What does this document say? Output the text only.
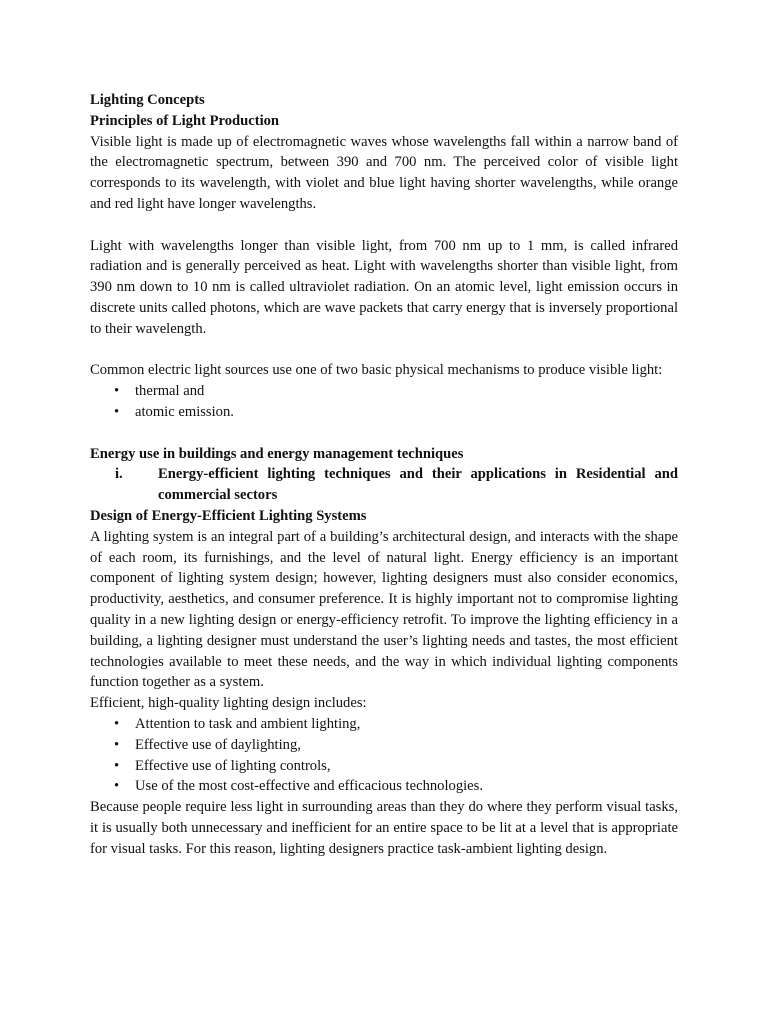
Lighting Concepts

Principles of Light Production

Visible light is made up of electromagnetic waves whose wavelengths fall within a narrow band of the electromagnetic spectrum, between 390 and 700 nm. The perceived color of visible light corresponds to its wavelength, with violet and blue light having shorter wavelengths, while orange and red light have longer wavelengths.

Light with wavelengths longer than visible light, from 700 nm up to 1 mm, is called infrared radiation and is generally perceived as heat. Light with wavelengths shorter than visible light, from 390 nm down to 10 nm is called ultraviolet radiation. On an atomic level, light emission occurs in discrete units called photons, which are wave packets that carry energy that is inversely proportional to their wavelength.

Common electric light sources use one of two basic physical mechanisms to produce visible light:

• thermal and
• atomic emission.

Energy use in buildings and energy management techniques

i. Energy-efficient lighting techniques and their applications in Residential and commercial sectors

Design of Energy-Efficient Lighting Systems

A lighting system is an integral part of a building’s architectural design, and interacts with the shape of each room, its furnishings, and the level of natural light. Energy efficiency is an important component of lighting system design; however, lighting designers must also consider economics, productivity, aesthetics, and consumer preference. It is highly important not to compromise lighting quality in a new lighting design or energy-efficiency retrofit. To improve the lighting efficiency in a building, a lighting designer must understand the user’s lighting needs and tastes, the most efficient technologies available to meet these needs, and the way in which individual lighting components function together as a system.

Efficient, high-quality lighting design includes:

• Attention to task and ambient lighting,
• Effective use of daylighting,
• Effective use of lighting controls,
• Use of the most cost-effective and efficacious technologies.

Because people require less light in surrounding areas than they do where they perform visual tasks, it is usually both unnecessary and inefficient for an entire space to be lit at a level that is appropriate for visual tasks. For this reason, lighting designers practice task-ambient lighting design.
